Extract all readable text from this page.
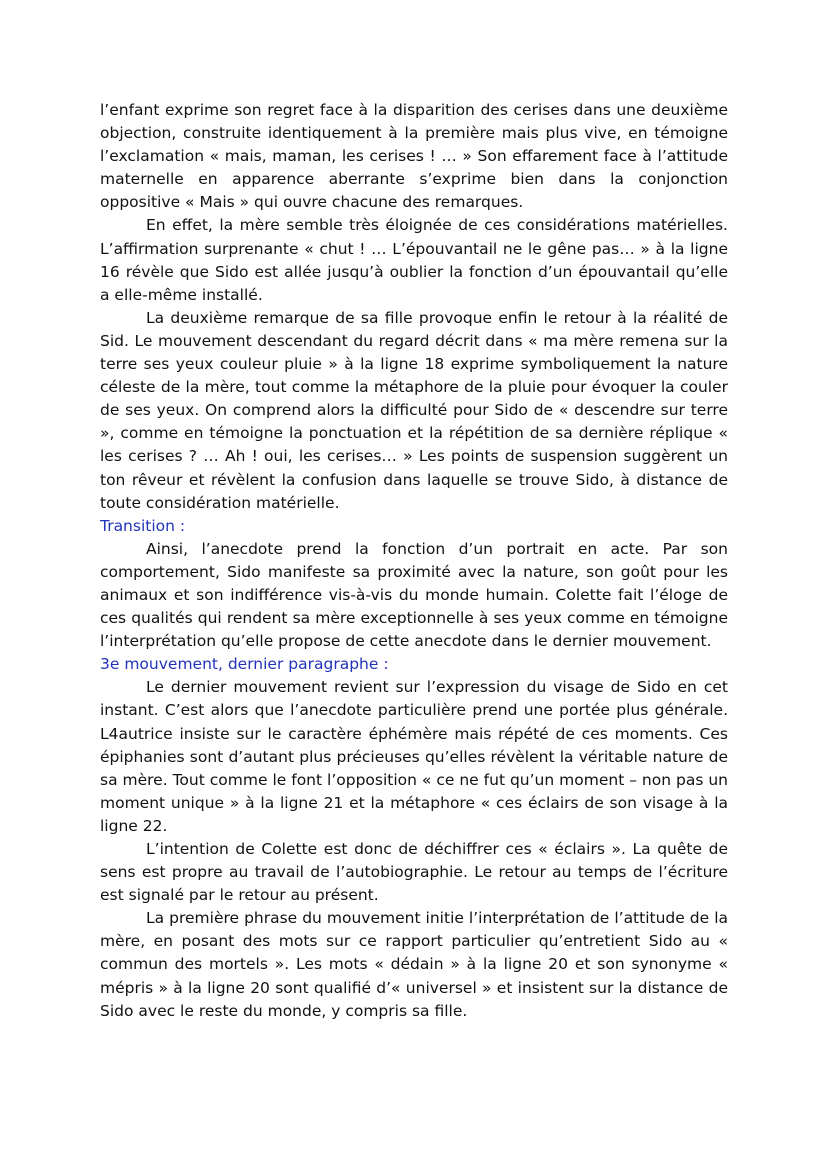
l’enfant exprime son regret face à la disparition des cerises dans une deuxième objection, construite identiquement à la première mais plus vive, en témoigne l’exclamation « mais, maman, les cerises ! … » Son effarement face à l’attitude maternelle en apparence aberrante s’exprime bien dans la conjonction oppositive « Mais » qui ouvre chacune des remarques.

En effet, la mère semble très éloignée de ces considérations matérielles. L’affirmation surprenante « chut ! … L’épouvantail ne le gêne pas… » à la ligne 16 révèle que Sido est allée jusqu’à oublier la fonction d’un épouvantail qu’elle a elle-même installé.

La deuxième remarque de sa fille provoque enfin le retour à la réalité de Sid. Le mouvement descendant du regard décrit dans « ma mère remena sur la terre ses yeux couleur pluie » à la ligne 18 exprime symboliquement la nature céleste de la mère, tout comme la métaphore de la pluie pour évoquer la couler de ses yeux. On comprend alors la difficulté pour Sido de « descendre sur terre », comme en témoigne la ponctuation et la répétition de sa dernière réplique « les cerises ? … Ah ! oui, les cerises… » Les points de suspension suggèrent un ton rêveur et révèlent la confusion dans laquelle se trouve Sido, à distance de toute considération matérielle.

Transition :

Ainsi, l’anecdote prend la fonction d’un portrait en acte. Par son comportement, Sido manifeste sa proximité avec la nature, son goût pour les animaux et son indifférence vis-à-vis du monde humain. Colette fait l’éloge de ces qualités qui rendent sa mère exceptionnelle à ses yeux comme en témoigne l’interprétation qu’elle propose de cette anecdote dans le dernier mouvement.

3e mouvement, dernier paragraphe :

Le dernier mouvement revient sur l’expression du visage de Sido en cet instant. C’est alors que l’anecdote particulière prend une portée plus générale. L4autrice insiste sur le caractère éphémère mais répété de ces moments. Ces épiphanies sont d’autant plus précieuses qu’elles révèlent la véritable nature de sa mère. Tout comme le font l’opposition « ce ne fut qu’un moment – non pas un moment unique » à la ligne 21 et la métaphore « ces éclairs de son visage à la ligne 22.

L’intention de Colette est donc de déchiffrer ces « éclairs ». La quête de sens est propre au travail de l’autobiographie. Le retour au temps de l’écriture est signalé par le retour au présent.

La première phrase du mouvement initie l’interprétation de l’attitude de la mère, en posant des mots sur ce rapport particulier qu’entretient Sido au « commun des mortels ». Les mots « dédain » à la ligne 20 et son synonyme « mépris » à la ligne 20 sont qualifié d’« universel » et insistent sur la distance de Sido avec le reste du monde, y compris sa fille.
